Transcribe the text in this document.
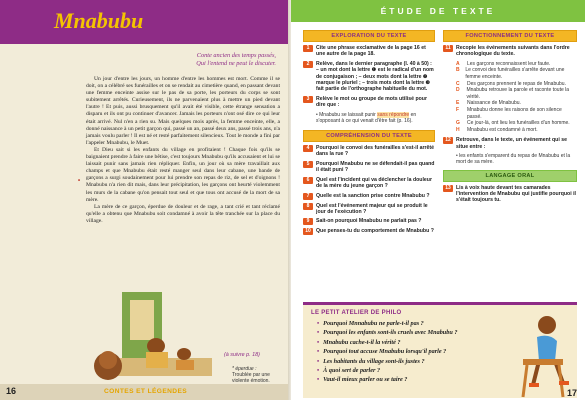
Mnabubu
Conte ancien des temps passés,
Qui l'entend ne peut le discuter.

Un jour d'entre les jours, un homme d'entre les hommes est mort. Comme il se doit, on a célébré ses funérailles et on se rendait au cimetière quand, en passant devant une femme enceinte assise sur le pas de sa porte, les porteurs du corps se sont subitement arrêtés. Curieusement, ils ne parvenaient plus à mettre un pied devant l'autre ! Et puis, aussi brusquement qu'il avait été visible, cette étrange sensation a disparu et ils ont pu continuer d'avancer. Jamais les porteurs n'ont osé dire ce qui leur était arrivé. Nul n'en a rien su. Mais quelques mois après, la femme enceinte, elle, a donné naissance à un petit garçon qui, passé un an, passé deux ans, passé trois ans, n'a jamais voulu parler ! Il est né et resté parfaitement silencieux. Tout le monde a fini par l'appeler Mnabubu, le Muet.

Et Dieu sait si les enfants du village en profitaient ! Chaque fois qu'ils se baignaient prendre à faire une bêtise, c'est toujours Mnabubu qu'ils accusaient et lui se laissait punir sans jamais rien répliquer. Enfin, un jour où sa mère travaillait aux champs et que Mnabubu était resté manger seul dans leur cabane, une bande de garçons a surgi soudainement pour lui prendre son repas de riz, de sel et d'oignons ! Mnabubu n'a rien dit mais, dans leur précipitation, les garçons ont heurté violemment les murs de la cabane qu'on pensait tout seul et que tous ont accusé de la mort de sa mère.

La mère de ce garçon, éperdue de douleur et de rage, a tant crié et tant réclamé qu'elle a obtenu que Mnabubu soit condamné à avoir la tête tranchée sur la place du village.

•
(à suivre p. 18)
* éperdue :
Troublée par une violente émotion.
16	CONTES ET LÉGENDES
ÉTUDE DE TEXTE
EXPLORATION DU TEXTE
1	Cite une phrase exclamative de la page 16 et une autre de la page 18.
2	Relève, dans le dernier paragraphe (l. 40 à 50) : – un mot dont la lettre ❶ est le radical d'un nom de conjugaison ; – deux mots dont la lettre ❷ marque le pluriel ; – trois mots dont la lettre ❸ fait partie de l'orthographe habituelle du mot.
3	Relève le mot ou groupe de mots utilisé pour dire que :
• Mnabubu se laissait punir sans répondre en s'opposant à ce qui venait d'être fait (p. 16).
COMPRÉHENSION DU TEXTE
4	Pourquoi le convoi des funérailles s'est-il arrêté dans la rue ?
5	Pourquoi Mnabubu ne se défendait-il pas quand il était puni ?
6	Quel est l'incident qui va déclencher la douleur de la mère du jeune garçon ?
7	Quelle est la sanction prise contre Mnabubu ?
8	Quel est l'événement majeur qui se produit le jour de l'exécution ?
9	Sait-on pourquoi Mnabubu ne parlait pas ?
10	Que penses-tu du comportement de Mnabubu ?
FONCTIONNEMENT DU TEXTE
11	Recopie les événements suivants dans l'ordre chronologique du texte.
A	Les garçons reconnaissent leur faute.
B	Le convoi des funérailles s'arrête devant une femme enceinte.
C	Des garçons prennent le repas de Mnabubu.
D	Mnabubu retrouve la parole et raconte toute la vérité.
E	Naissance de Mnabubu.
F	Mnabubu donne les raisons de son silence passé.
G	Ce jour-là, ont lieu les funérailles d'un homme.
H	Mnabubu est condamné à mort.
12	Retrouve, dans le texte, un événement qui se situe entre :
• les enfants s'emparent du repas de Mnabubu et la mort de sa mère.
LANGAGE ORAL
13	Lis à voix haute devant tes camarades l'intervention de Mnabubu qui justifie pourquoi il s'était toujours tu.
LE PETIT ATELIER DE PHILO
• Pourquoi Mnnabubu ne parle-t-il pas ?
• Pourquoi les enfants sont-ils cruels avec Mnabubu ?
• Mnabubu cache-t-il la vérité ?
• Pourquoi tout accuse Mnabubu lorsqu'il parle ?
• Les habitants du village sont-ils justes ?
• À quoi sert de parler ?
• Vaut-il mieux parler ou se taire ?
17
